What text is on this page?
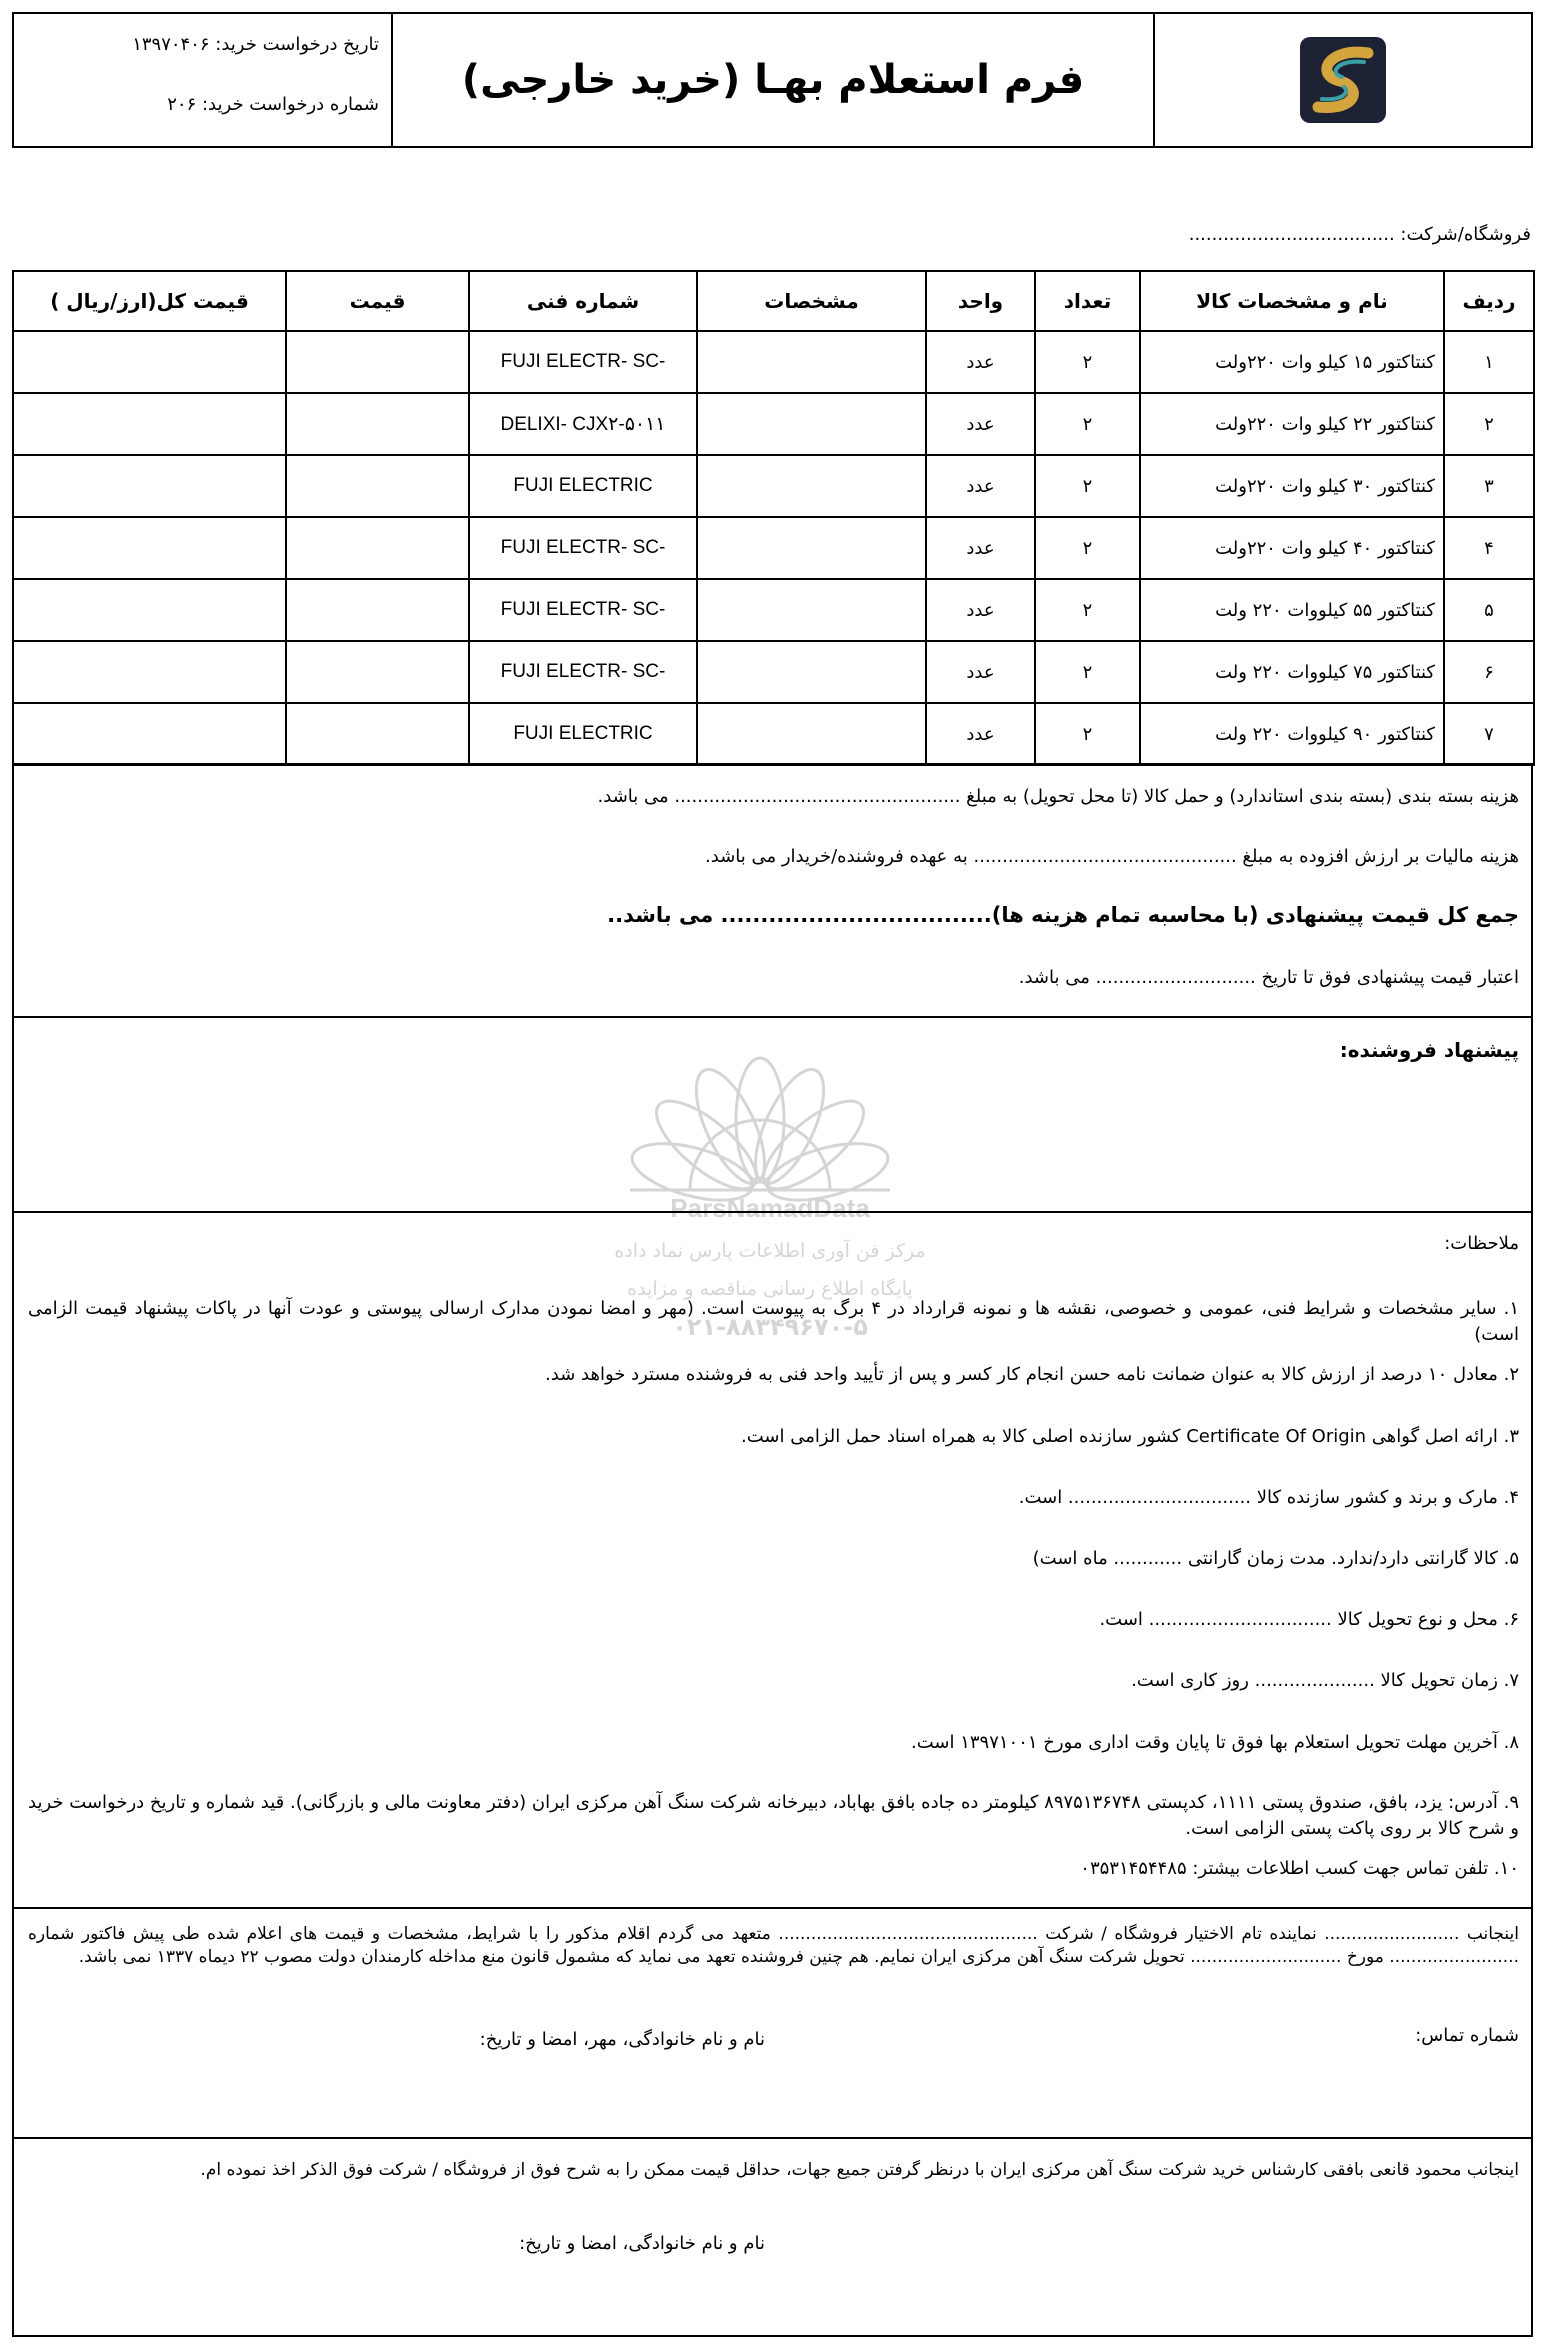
ParsNamadData
مرکز فن آوری اطلاعات پارس نماد داده
پایگاه اطلاع رسانی مناقصه و مزایده
۰۲۱-۸۸۳۴۹۶۷۰-۵
فرم استعلام بهـا (خرید خارجی)
تاریخ درخواست خرید: ۱۳۹۷۰۴۰۶
شماره درخواست خرید: ۲۰۶
فروشگاه/شرکت: ....................................
ردیف	نام و مشخصات کالا	تعداد	واحد	مشخصات	شماره فنی	قیمت	قیمت کل(ارز/ریال )
۱	کنتاکتور ۱۵ کیلو وات ۲۲۰ولت	۲	عدد		FUJI ELECTR- SC-		
۲	کنتاکتور ۲۲ کیلو وات ۲۲۰ولت	۲	عدد		DELIXI- CJX۲-۵۰۱۱		
۳	کنتاکتور ۳۰ کیلو وات ۲۲۰ولت	۲	عدد		FUJI ELECTRIC		
۴	کنتاکتور ۴۰ کیلو وات ۲۲۰ولت	۲	عدد		FUJI ELECTR- SC-		
۵	کنتاکتور ۵۵ کیلووات ۲۲۰ ولت	۲	عدد		FUJI ELECTR- SC-		
۶	کنتاکتور ۷۵ کیلووات ۲۲۰ ولت	۲	عدد		FUJI ELECTR- SC-		
۷	کنتاکتور ۹۰ کیلووات ۲۲۰ ولت	۲	عدد		FUJI ELECTRIC		
هزینه بسته بندی (بسته بندی استاندارد) و حمل کالا (تا محل تحویل) به مبلغ .................................................. می باشد.
هزینه مالیات بر ارزش افزوده به مبلغ .............................................. به عهده فروشنده/خریدار می باشد.
جمع کل قیمت پیشنهادی (با محاسبه تمام هزینه ها).................................. می باشد..
اعتبار قیمت پیشنهادی فوق تا تاریخ ............................ می باشد.
پیشنهاد فروشنده:
ملاحظات:
۱. سایر مشخصات و شرایط فنی، عمومی و خصوصی، نقشه ها و نمونه قرارداد در ۴ برگ به پیوست است. (مهر و امضا نمودن مدارک ارسالی پیوستی و عودت آنها در پاکات پیشنهاد قیمت الزامی است)
۲. معادل ۱۰ درصد از ارزش کالا به عنوان ضمانت نامه حسن انجام کار کسر و پس از تأیید واحد فنی به فروشنده مسترد خواهد شد.
۳. ارائه اصل گواهی Certificate Of Origin کشور سازنده اصلی کالا به همراه اسناد حمل الزامی است.
۴. مارک و برند و کشور سازنده کالا ................................ است.
۵. کالا گارانتی دارد/ندارد. مدت زمان گارانتی ............ ماه است)
۶. محل و نوع تحویل کالا ................................ است.
۷. زمان تحویل کالا ..................... روز کاری است.
۸. آخرین مهلت تحویل استعلام بها فوق تا پایان وقت اداری مورخ ۱۳۹۷۱۰۰۱ است.
۹. آدرس: یزد، بافق، صندوق پستی ۱۱۱۱، کدپستی ۸۹۷۵۱۳۶۷۴۸ کیلومتر ده جاده بافق بهاباد، دبیرخانه شرکت سنگ آهن مرکزی ایران (دفتر معاونت مالی و بازرگانی). قید شماره و تاریخ درخواست خرید و شرح کالا بر روی پاکت پستی الزامی است.
۱۰. تلفن تماس جهت کسب اطلاعات بیشتر: ۰۳۵۳۱۴۵۴۴۸۵
اینجانب ......................... نماینده تام الاختیار فروشگاه / شرکت ................................................ متعهد می گردم اقلام مذکور را با شرایط، مشخصات و قیمت های اعلام شده طی پیش فاکتور شماره ........................ مورخ ............................ تحویل شرکت سنگ آهن مرکزی ایران نمایم. هم چنین فروشنده تعهد می نماید که مشمول قانون منع مداخله کارمندان دولت مصوب ۲۲ دیماه ۱۳۳۷ نمی باشد.
شماره تماس:
نام و نام خانوادگی، مهر، امضا و تاریخ:
اینجانب محمود قانعی بافقی کارشناس خرید شرکت سنگ آهن مرکزی ایران با درنظر گرفتن جمیع جهات، حداقل قیمت ممکن را به شرح فوق از فروشگاه / شرکت فوق الذکر اخذ نموده ام.
نام و نام خانوادگی، امضا و تاریخ:
